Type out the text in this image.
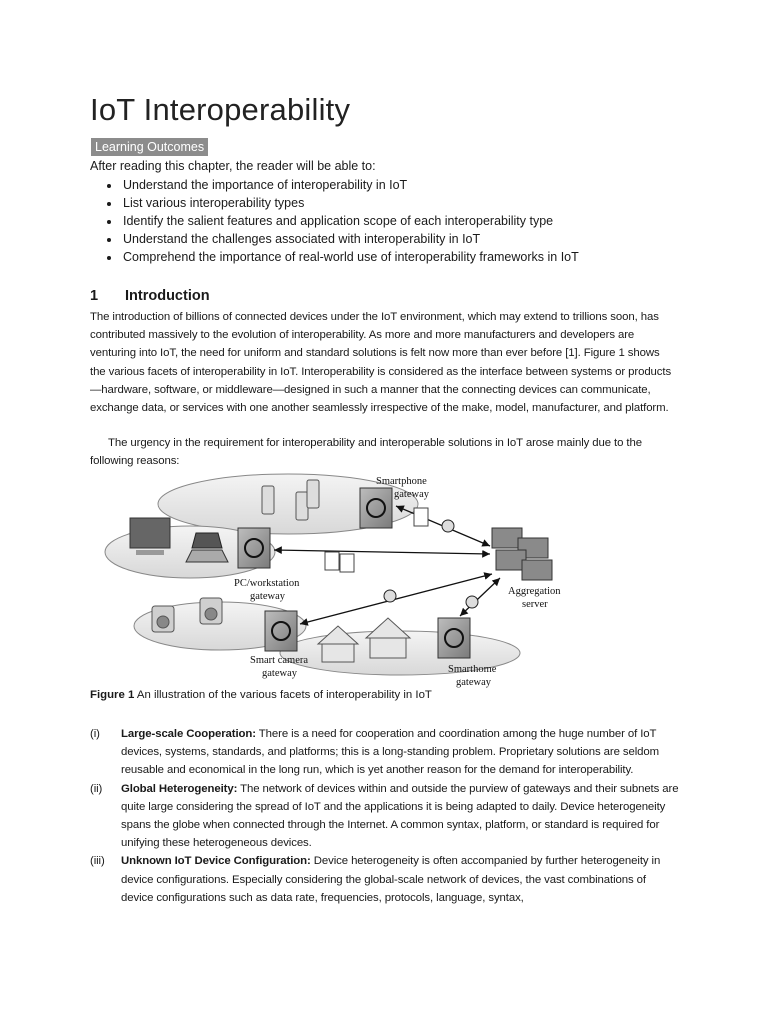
IoT Interoperability
Learning Outcomes
After reading this chapter, the reader will be able to:
• Understand the importance of interoperability in IoT
• List various interoperability types
• Identify the salient features and application scope of each interoperability type
• Understand the challenges associated with interoperability in IoT
• Comprehend the importance of real-world use of interoperability frameworks in IoT
1 Introduction

The introduction of billions of connected devices under the IoT environment, which may extend to trillions soon, has contributed massively to the evolution of interoperability. As more and more manufacturers and developers are venturing into IoT, the need for uniform and standard solutions is felt now more than ever before [1]. Figure 1 shows the various facets of interoperability in IoT. Interoperability is considered as the interface between systems or products—hardware, software, or middleware—designed in such a manner that the connecting devices can communicate, exchange data, or services with one another seamlessly irrespective of the make, model, manufacturer, and platform.

The urgency in the requirement for interoperability and interoperable solutions in IoT arose mainly due to the following reasons:

Smartphone
gateway
PC/workstation
gateway	Aggregation
server
Smart camera
gateway	Smarthome
gateway
Figure 1 An illustration of the various facets of interoperability in IoT
(i) Large-scale Cooperation: There is a need for cooperation and coordination among the huge number of IoT devices, systems, standards, and platforms; this is a long-standing problem. Proprietary solutions are seldom reusable and economical in the long run, which is yet another reason for the demand for interoperability.
(ii) Global Heterogeneity: The network of devices within and outside the purview of gateways and their subnets are quite large considering the spread of IoT and the applications it is being adapted to daily. Device heterogeneity spans the globe when connected through the Internet. A common syntax, platform, or standard is required for unifying these heterogeneous devices.
(iii) Unknown IoT Device Configuration: Device heterogeneity is often accompanied by further heterogeneity in device configurations. Especially considering the global-scale network of devices, the vast combinations of device configurations such as data rate, frequencies, protocols, language, syntax,
